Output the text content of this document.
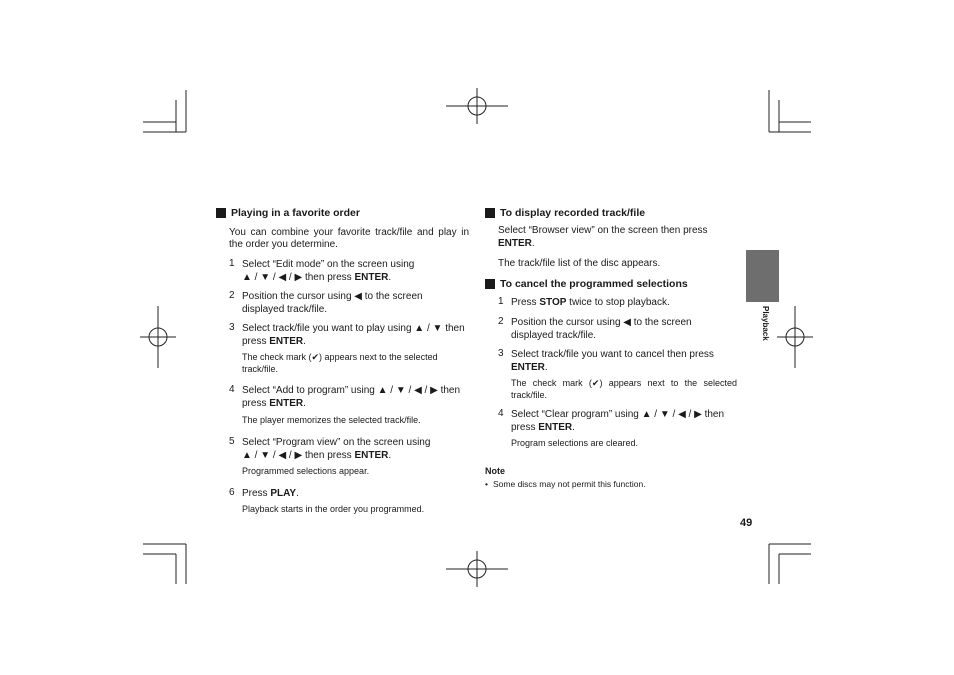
Playing in a favorite order
You can combine your favorite track/file and play in
the order you determine.
1 Select “Edit mode” on the screen using
▲ / ▼ / ◀ / ▶ then press ENTER.
2 Position the cursor using ◀ to the screen
displayed track/file.
3 Select track/file you want to play using ▲ / ▼ then
press ENTER.
The check mark (✔) appears next to the selected
track/file.
4 Select “Add to program” using ▲ / ▼ / ◀ / ▶ then
press ENTER.
The player memorizes the selected track/file.
5 Select “Program view” on the screen using
▲ / ▼ / ◀ / ▶ then press ENTER.
Programmed selections appear.
6 Press PLAY.
Playback starts in the order you programmed.
To display recorded track/file
Select “Browser view” on the screen then press
ENTER.
The track/file list of the disc appears.
To cancel the programmed selections
1 Press STOP twice to stop playback.
2 Position the cursor using ◀ to the screen
displayed track/file.
3 Select track/file you want to cancel then press
ENTER.
The check mark (✔) appears next to the selected
track/file.
4 Select “Clear program” using ▲ / ▼ / ◀ / ▶ then
press ENTER.
Program selections are cleared.
Note
• Some discs may not permit this function.
Playback
49
